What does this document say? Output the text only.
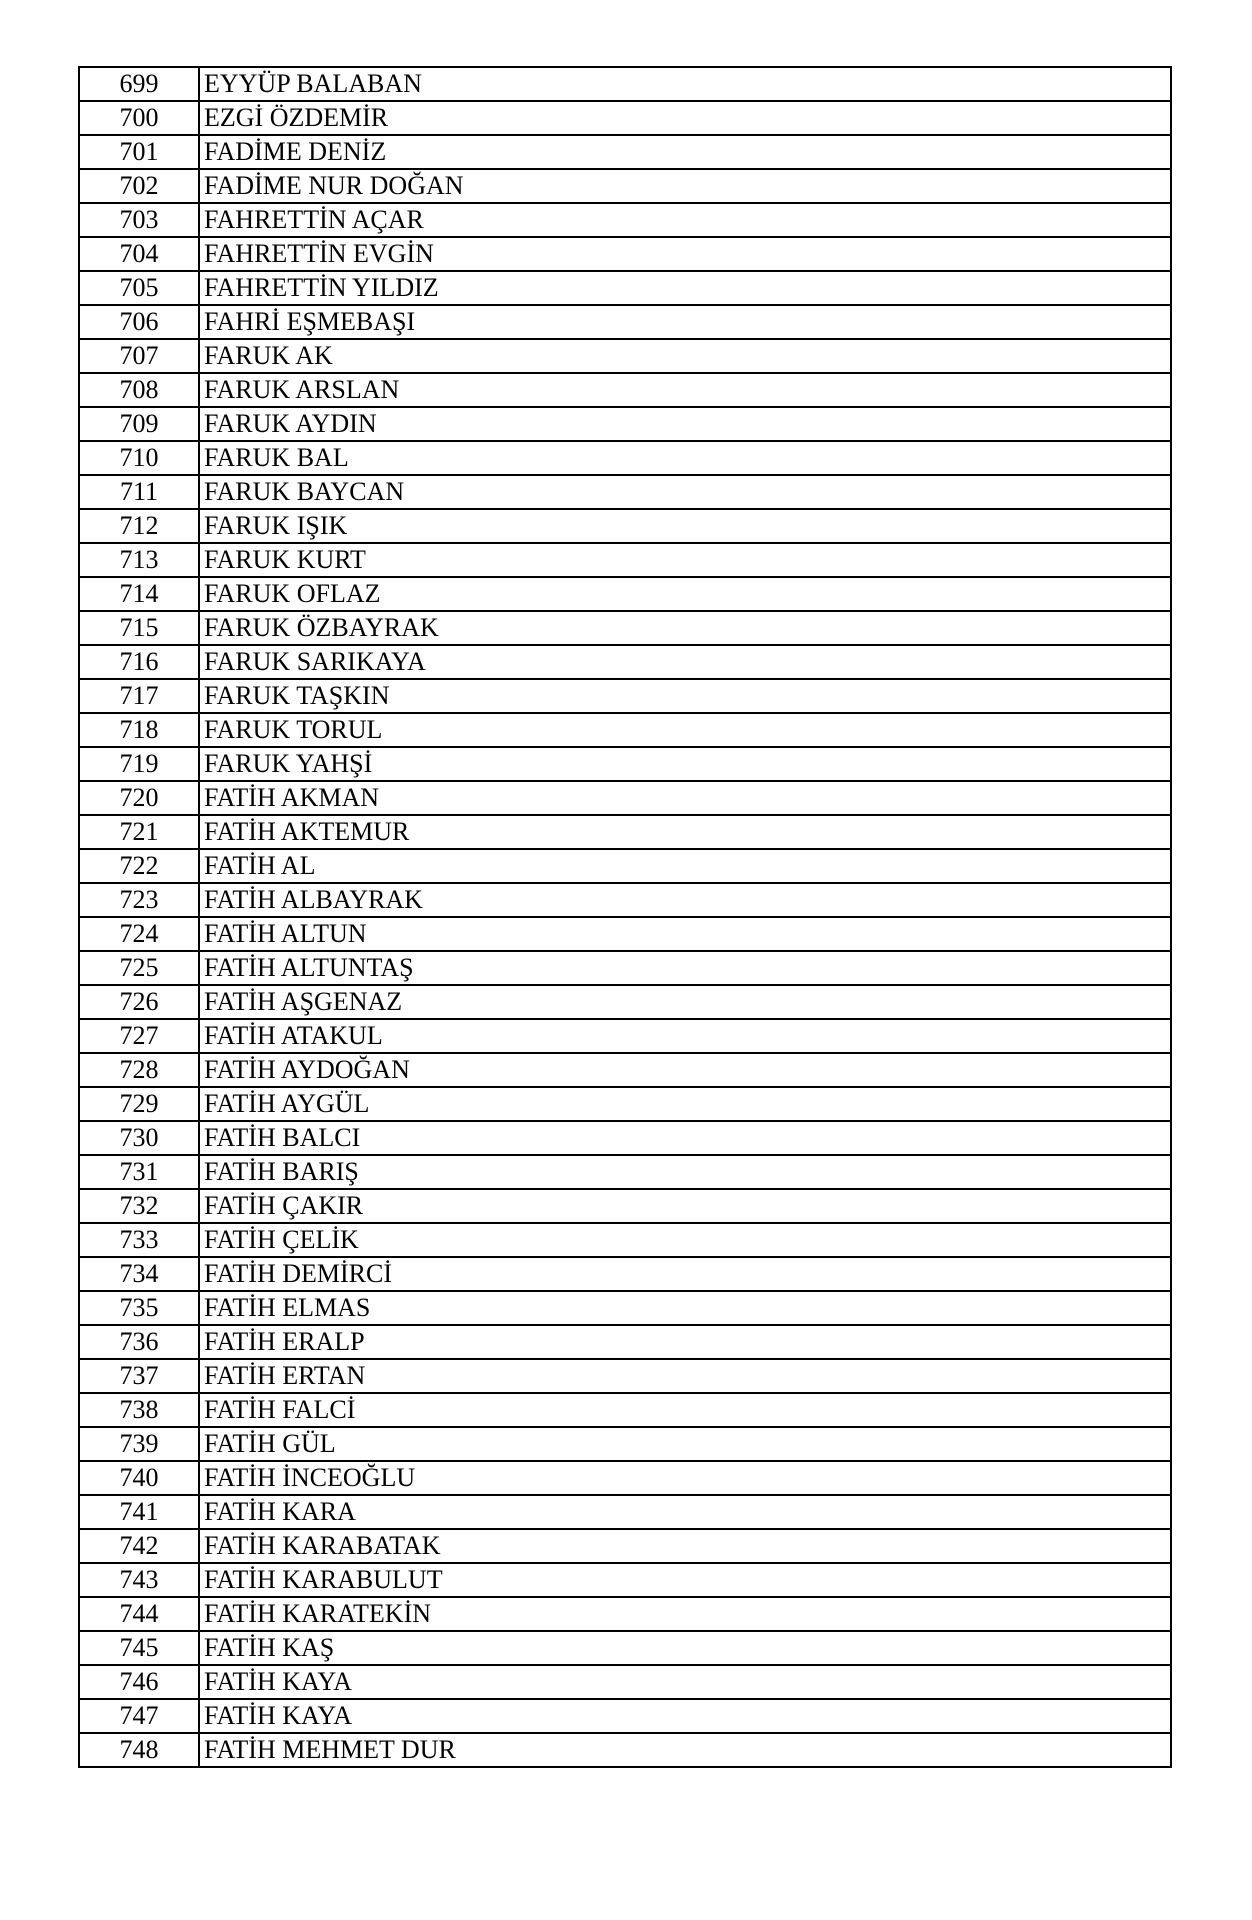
699	EYYÜP BALABAN
700	EZGİ ÖZDEMİR
701	FADİME DENİZ
702	FADİME NUR DOĞAN
703	FAHRETTİN AÇAR
704	FAHRETTİN EVGİN
705	FAHRETTİN YILDIZ
706	FAHRİ EŞMEBAŞI
707	FARUK AK
708	FARUK ARSLAN
709	FARUK AYDIN
710	FARUK BAL
711	FARUK BAYCAN
712	FARUK IŞIK
713	FARUK KURT
714	FARUK OFLAZ
715	FARUK ÖZBAYRAK
716	FARUK SARIKAYA
717	FARUK TAŞKIN
718	FARUK TORUL
719	FARUK YAHŞİ
720	FATİH AKMAN
721	FATİH AKTEMUR
722	FATİH AL
723	FATİH ALBAYRAK
724	FATİH ALTUN
725	FATİH ALTUNTAŞ
726	FATİH AŞGENAZ
727	FATİH ATAKUL
728	FATİH AYDOĞAN
729	FATİH AYGÜL
730	FATİH BALCI
731	FATİH BARIŞ
732	FATİH ÇAKIR
733	FATİH ÇELİK
734	FATİH DEMİRCİ
735	FATİH ELMAS
736	FATİH ERALP
737	FATİH ERTAN
738	FATİH FALCİ
739	FATİH GÜL
740	FATİH İNCEOĞLU
741	FATİH KARA
742	FATİH KARABATAK
743	FATİH KARABULUT
744	FATİH KARATEKİN
745	FATİH KAŞ
746	FATİH KAYA
747	FATİH KAYA
748	FATİH MEHMET DUR
